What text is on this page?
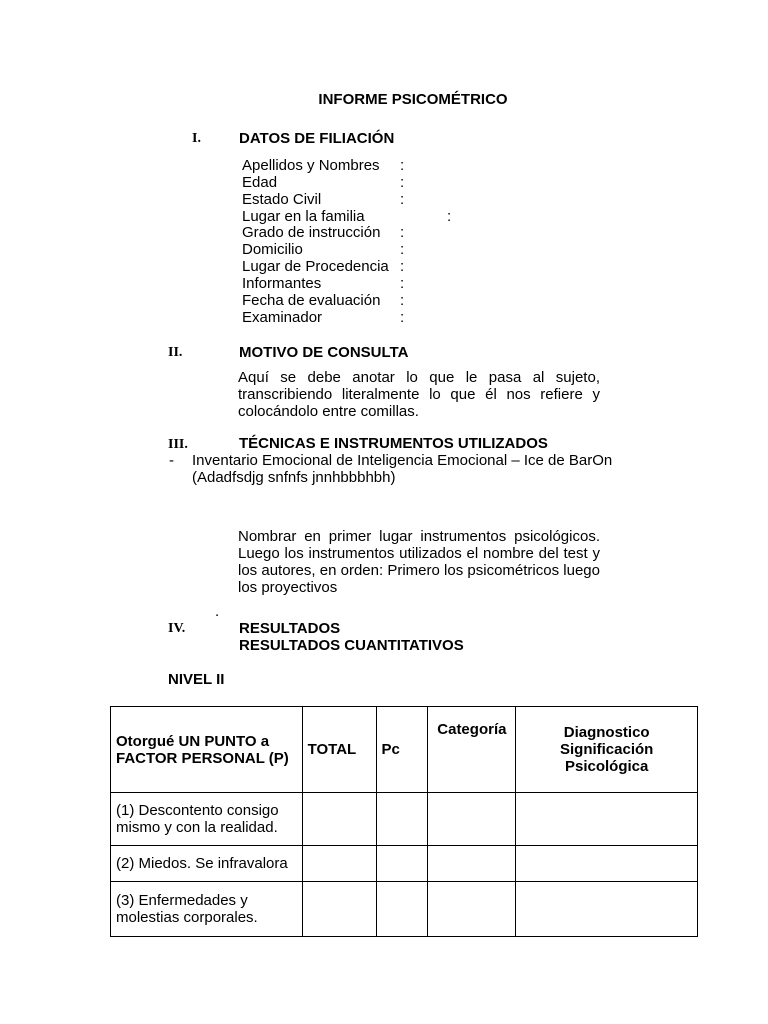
INFORME PSICOMÉTRICO
I.	DATOS DE FILIACIÓN
Apellidos y Nombres :
Edad	:
Estado Civil	:
Lugar en la familia	:
Grado de instrucción :
Domicilio	:
Lugar de Procedencia :
Informantes	:
Fecha de evaluación :
Examinador	:
II.	MOTIVO DE CONSULTA
Aquí se debe anotar lo que le pasa al sujeto, transcribiendo literalmente lo que él nos refiere y colocándolo entre comillas.
III.	TÉCNICAS E INSTRUMENTOS UTILIZADOS
- Inventario Emocional de Inteligencia Emocional – Ice de BarOn
(Adadfsdjg snfnfs jnnhbbbhbh)
Nombrar en primer lugar instrumentos psicológicos. Luego los instrumentos utilizados el nombre del test y los autores, en orden: Primero los psicométricos luego los proyectivos
.
IV.	RESULTADOS
RESULTADOS CUANTITATIVOS
NIVEL II
Otorgué UN PUNTO a FACTOR PERSONAL (P)	TOTAL	Pc	Categoría	Diagnostico
Significación
Psicológica

(1) Descontento consigo mismo y con la realidad.				
(2) Miedos. Se infravalora				
(3) Enfermedades y molestias corporales.				
